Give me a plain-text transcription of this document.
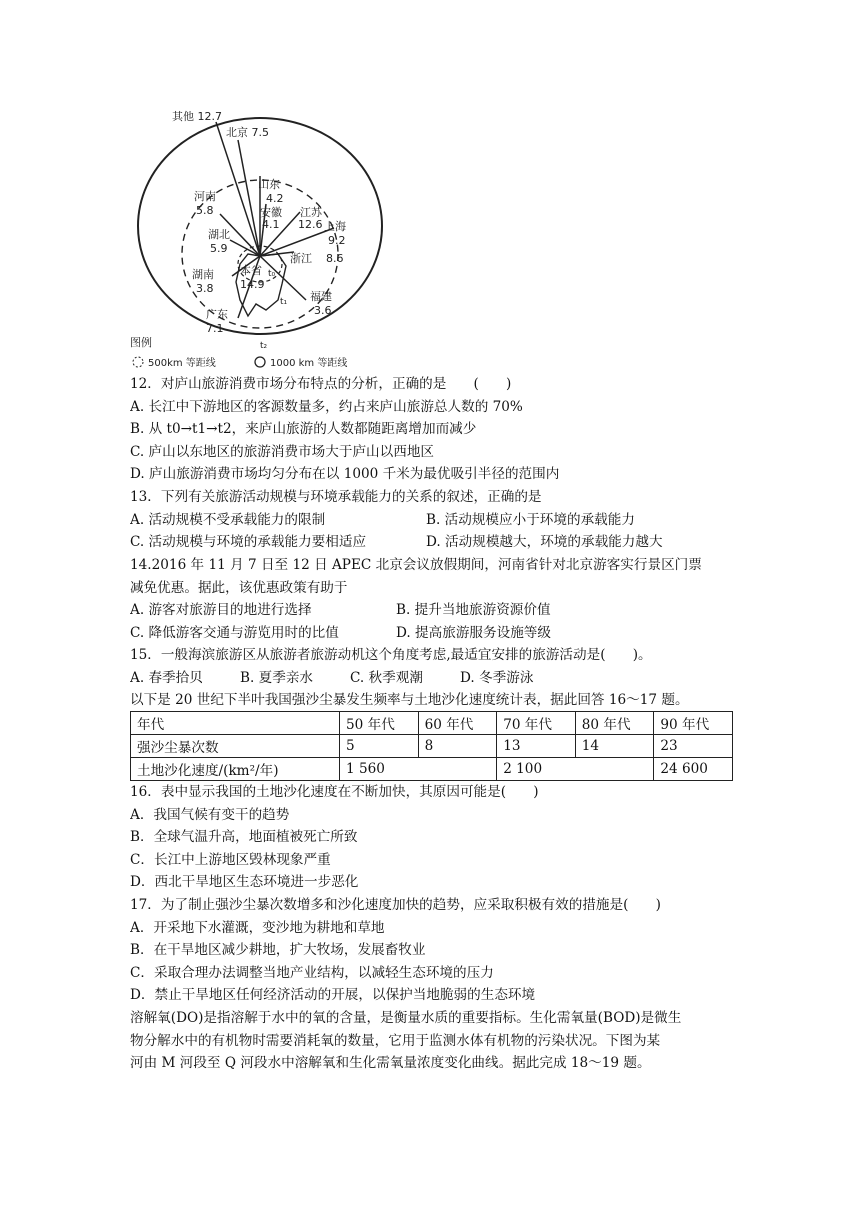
其他 12.7
北京 7.5
山东
4.2
安徽
4.1
江苏
12.6
河南
5.8
上海
9.2
湖北
5.9
浙江 8.6
湖南
3.8
本省
14.9
福建
3.6
广东
7.1
t₀
t₁
t₂
图例
500km 等距线	1000 km 等距线
12．对庐山旅游消费市场分布特点的分析，正确的是　　(　　)
A. 长江中下游地区的客源数量多，约占来庐山旅游总人数的 70%
B. 从 t0→t1→t2，来庐山旅游的人数都随距离增加而减少
C. 庐山以东地区的旅游消费市场大于庐山以西地区
D. 庐山旅游消费市场均匀分布在以 1000 千米为最优吸引半径的范围内
13．下列有关旅游活动规模与环境承载能力的关系的叙述，正确的是
A. 活动规模不受承载能力的限制	B. 活动规模应小于环境的承载能力
C. 活动规模与环境的承载能力要相适应	D. 活动规模越大，环境的承载能力越大
14.2016 年 11 月 7 日至 12 日 APEC 北京会议放假期间，河南省针对北京游客实行景区门票
减免优惠。据此，该优惠政策有助于
A. 游客对旅游目的地进行选择	B. 提升当地旅游资源价值
C. 降低游客交通与游览用时的比值	D. 提高旅游服务设施等级
15．一般海滨旅游区从旅游者旅游动机这个角度考虑,最适宜安排的旅游活动是(　　)。
A. 春季拾贝	B. 夏季亲水	C. 秋季观潮	D. 冬季游泳
以下是 20 世纪下半叶我国强沙尘暴发生频率与土地沙化速度统计表，据此回答 16～17 题。
年代	50 年代	60 年代	70 年代	80 年代	90 年代
强沙尘暴次数	5	8	13	14	23
土地沙化速度/(km²/年)	1 560		2 100		24 600
16．表中显示我国的土地沙化速度在不断加快，其原因可能是(　　)
A．我国气候有变干的趋势
B．全球气温升高，地面植被死亡所致
C．长江中上游地区毁林现象严重
D．西北干旱地区生态环境进一步恶化
17．为了制止强沙尘暴次数增多和沙化速度加快的趋势，应采取积极有效的措施是(　　)
A．开采地下水灌溉，变沙地为耕地和草地
B．在干旱地区减少耕地，扩大牧场，发展畜牧业
C．采取合理办法调整当地产业结构，以减轻生态环境的压力
D．禁止干旱地区任何经济活动的开展，以保护当地脆弱的生态环境
溶解氧(DO)是指溶解于水中的氧的含量，是衡量水质的重要指标。生化需氧量(BOD)是微生
物分解水中的有机物时需要消耗氧的数量，它用于监测水体有机物的污染状况。下图为某
河由 M 河段至 Q 河段水中溶解氧和生化需氧量浓度变化曲线。据此完成 18～19 题。
